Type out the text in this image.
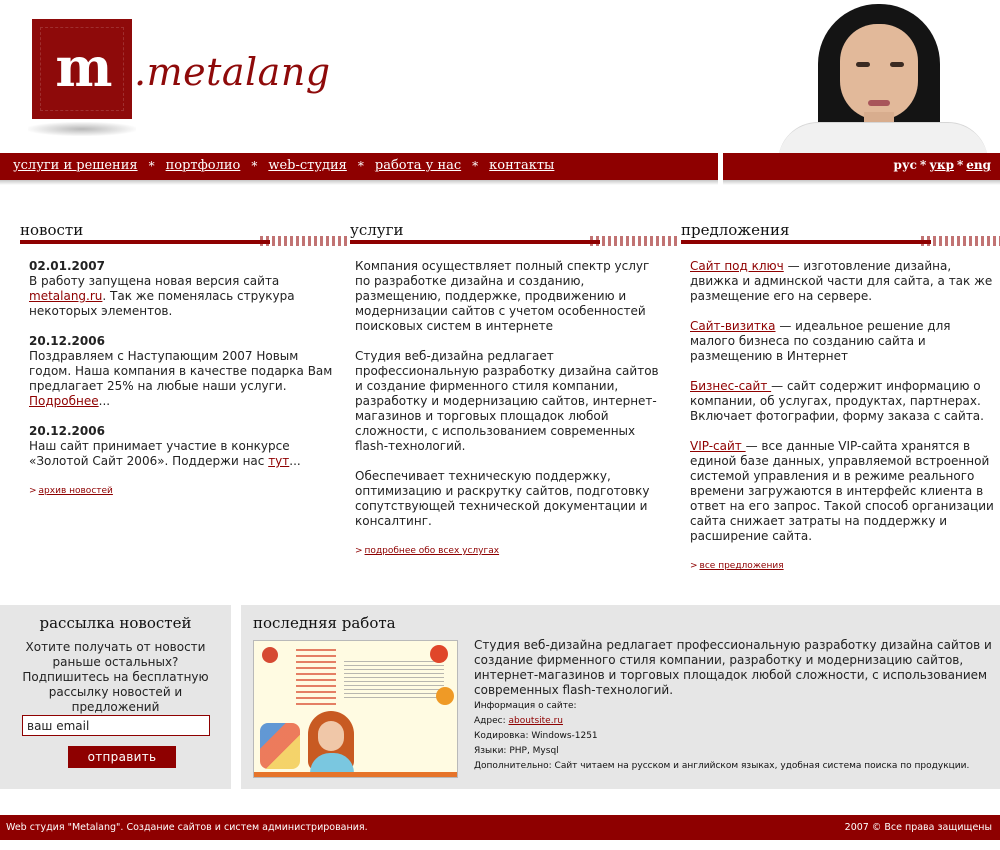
m .metalang
услуги и решения * портфолио * web-студия * работа у нас * контакты	рус * укр * eng
новости	услуги	предложения
02.01.2007
В работу запущена новая версия сайта metalang.ru. Так же поменялась струкура некоторых элементов.
20.12.2006
Поздравляем с Наступающим 2007 Новым годом. Наша компания в качестве подарка Вам предлагает 25% на любые наши услуги. Подробнее...
20.12.2006
Наш сайт принимает участие в конкурсе «Золотой Сайт 2006». Поддержи нас тут...
> архив новостей

Компания осуществляет полный спектр услуг по разработке дизайна и созданию, размещению, поддержке, продвижению и модернизации сайтов с учетом особенностей поисковых систем в интернете

Студия веб-дизайна редлагает профессиональную разработку дизайна сайтов и создание фирменного стиля компании, разработку и модернизацию сайтов, интернет-магазинов и торговых площадок любой сложности, с использованием современных flash-технологий.

Обеспечивает техническую поддержку, оптимизацию и раскрутку сайтов, подготовку сопутствующей технической документации и консалтинг.

> подробнее обо всех услугах

Сайт под ключ — изготовление дизайна, движка и админской части для сайта, а так же размещение его на сервере.

Сайт-визитка — идеальное решение для малого бизнеса по созданию сайта и размещению в Интернет

Бизнес-сайт — сайт содержит информацию о компании, об услугах, продуктах, партнерах. Включает фотографии, форму заказа с сайта.

VIP-сайт — все данные VIP-сайта хранятся в единой базе данных, управляемой встроенной системой управления и в режиме реального времени загружаются в интерфейс клиента в ответ на его запрос. Такой способ организации сайта снижает затраты на поддержку и расширение сайта.

> все предложения
рассылка новостей
Хотите получать от новости раньше остальных? Подпишитесь на бесплатную рассылку новостей и предложений
ваш email
отправить
последняя работа
Студия веб-дизайна редлагает профессиональную разработку дизайна сайтов и создание фирменного стиля компании, разработку и модернизацию сайтов, интернет-магазинов и торговых площадок любой сложности, с использованием современных flash-технологий.
Информация о сайте:
Адрес: aboutsite.ru
Кодировка: Windows-1251
Языки: PHP, Mysql
Дополнительно: Сайт читаем на русском и английском языках, удобная система поиска по продукции.
Web студия "Metalang". Создание сайтов и систем администрирования.	2007 © Все права защищены
